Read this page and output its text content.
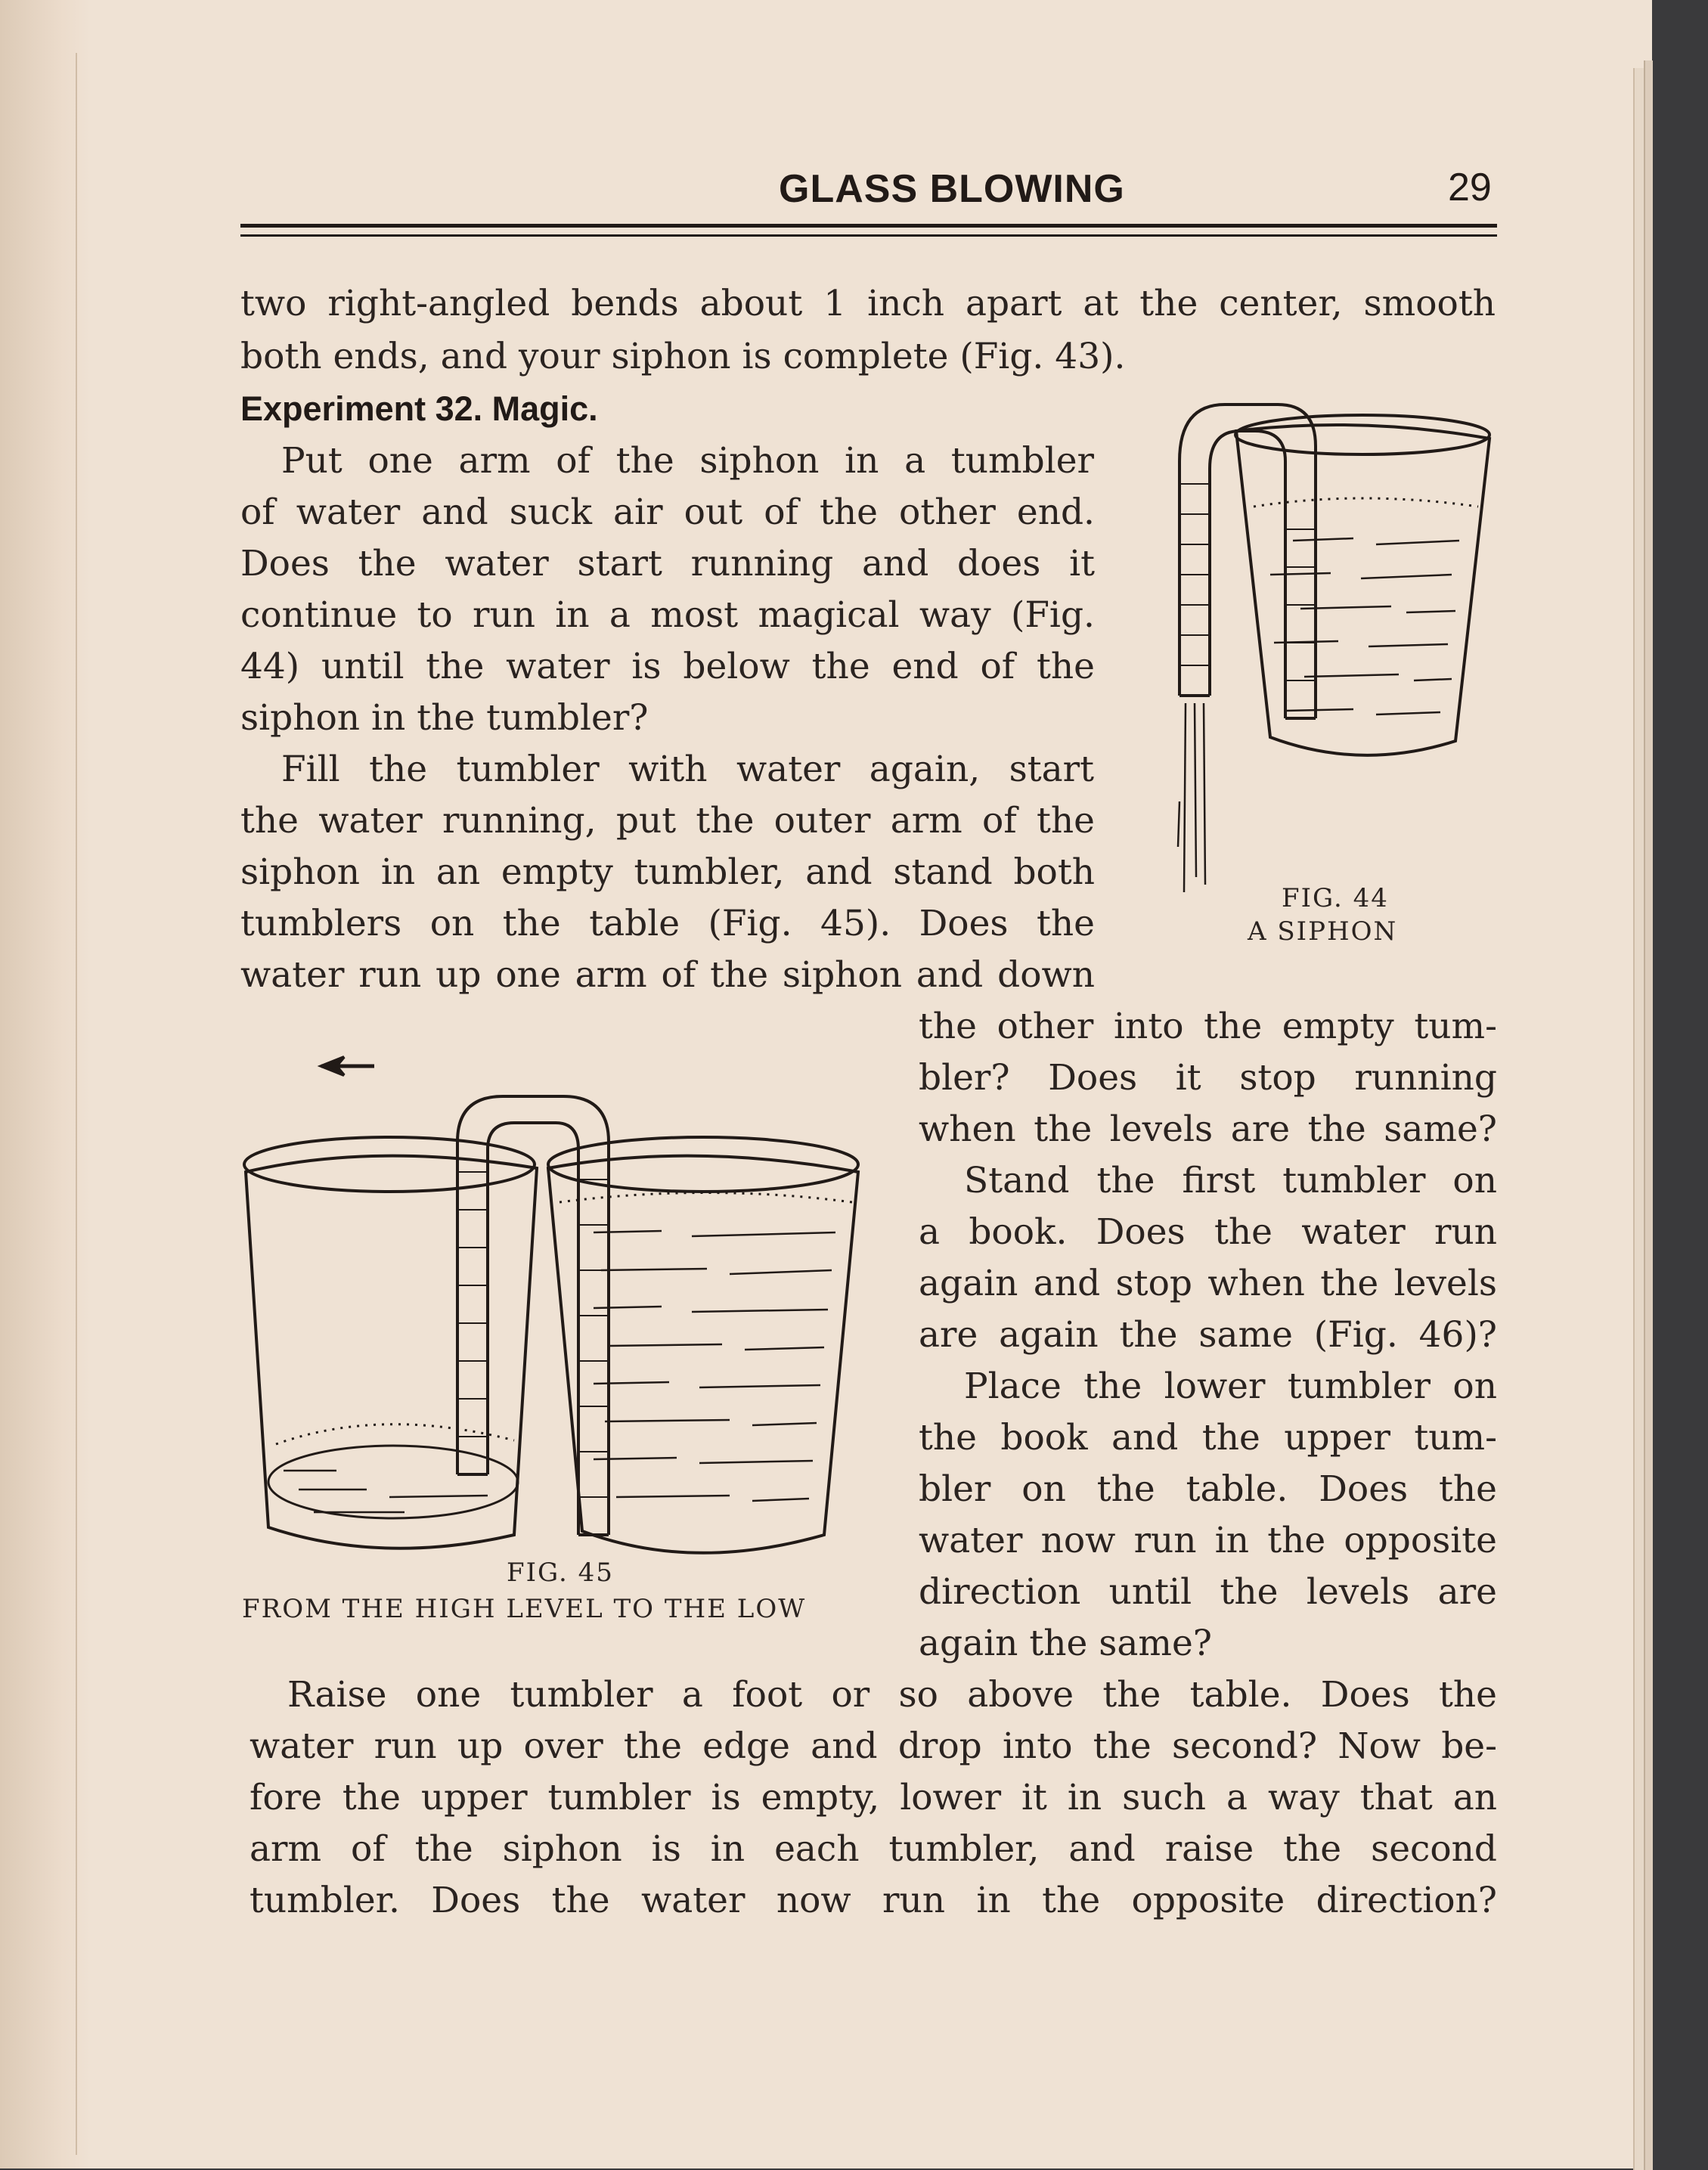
GLASS BLOWING	29
two right-angled bends about 1 inch apart at the center, smooth
both ends, and your siphon is complete (Fig. 43).
Experiment 32. Magic.
Put one arm of the siphon in a tumbler
of water and suck air out of the other end.
Does the water start running and does it
continue to run in a most magical way (Fig.
44) until the water is below the end of the
siphon in the tumbler?
Fill the tumbler with water again, start
the water running, put the outer arm of the
siphon in an empty tumbler, and stand both
tumblers on the table (Fig. 45). Does the
water run up one arm of the siphon and down
the other into the empty tum-
bler? Does it stop running
when the levels are the same?
Stand the first tumbler on
a book. Does the water run
again and stop when the levels
are again the same (Fig. 46)?
Place the lower tumbler on
the book and the upper tum-
bler on the table. Does the
water now run in the opposite
direction until the levels are
again the same?
Raise one tumbler a foot or so above the table. Does the
water run up over the edge and drop into the second? Now be-
fore the upper tumbler is empty, lower it in such a way that an
arm of the siphon is in each tumbler, and raise the second
tumbler. Does the water now run in the opposite direction?
FIG. 44
A SIPHON
FIG. 45
FROM THE HIGH LEVEL TO THE LOW
